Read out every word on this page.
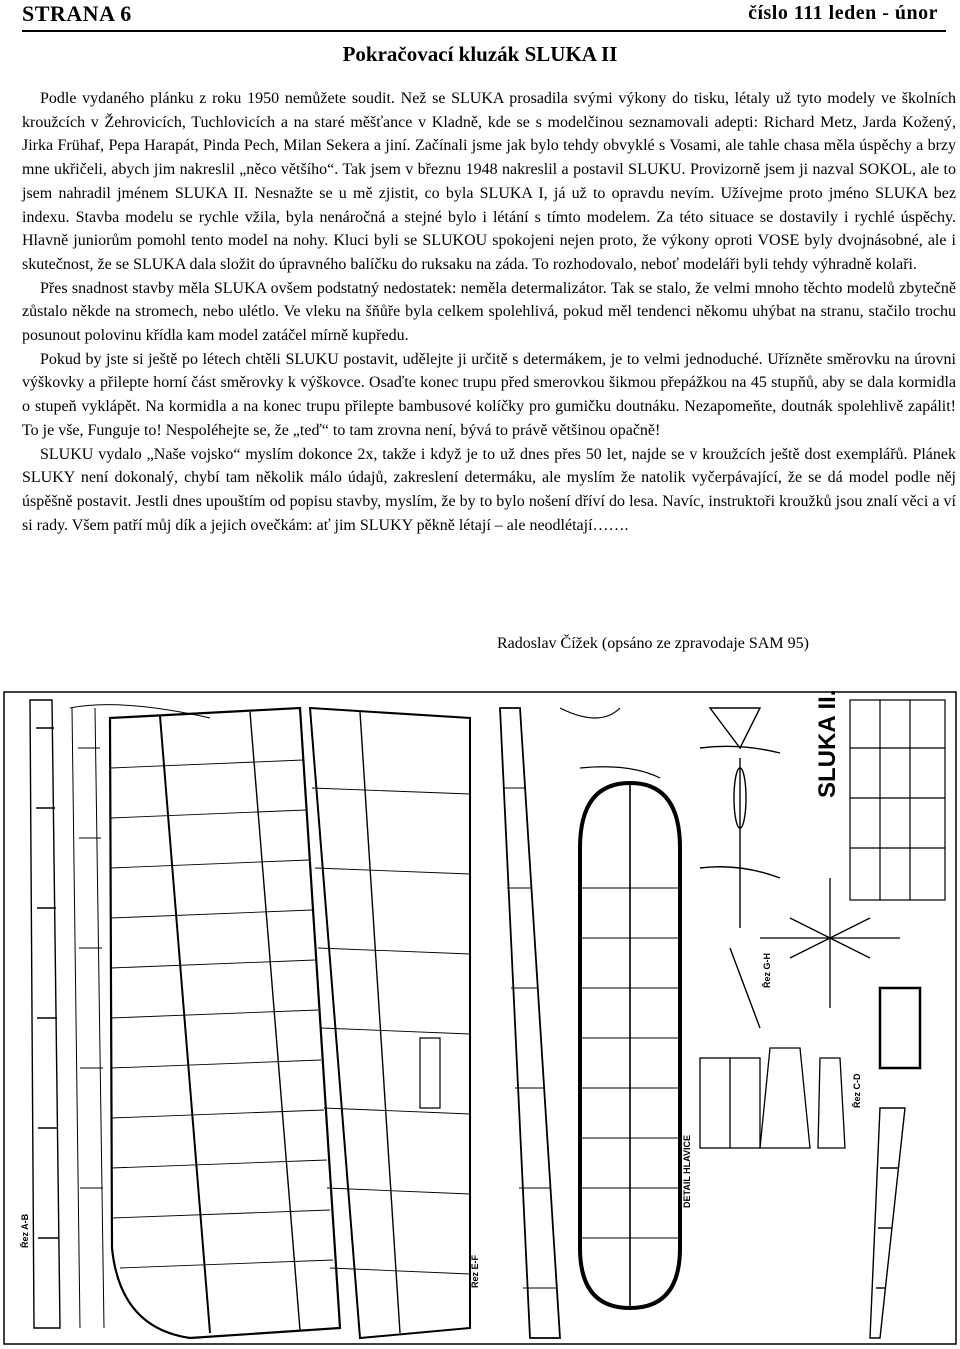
STRANA 6	číslo 111 leden - únor
Pokračovací kluzák SLUKA II

Podle vydaného plánku z roku 1950 nemůžete soudit. Než se SLUKA prosadila svými výkony do tisku, létaly už tyto modely ve školních kroužcích v Žehrovicích, Tuchlovicích a na staré měšťance v Kladně, kde se s modelčinou seznamovali adepti: Richard Metz, Jarda Kožený, Jirka Frühaf, Pepa Harapát, Pinda Pech, Milan Sekera a jiní. Začínali jsme jak bylo tehdy obvyklé s Vosami, ale tahle chasa měla úspěchy a brzy mne ukřičeli, abych jim nakreslil „něco většího“. Tak jsem v březnu 1948 nakreslil a postavil SLUKU. Provizorně jsem ji nazval SOKOL, ale to jsem nahradil jménem SLUKA II. Nesnažte se u mě zjistit, co byla SLUKA I, já už to opravdu nevím. Užívejme proto jméno SLUKA bez indexu. Stavba modelu se rychle vžila, byla nenáročná a stejné bylo i létání s tímto modelem. Za této situace se dostavily i rychlé úspěchy. Hlavně juniorům pomohl tento model na nohy. Kluci byli se SLUKOU spokojeni nejen proto, že výkony oproti VOSE byly dvojnásobné, ale i skutečnost, že se SLUKA dala složit do úpravného balíčku do ruksaku na záda. To rozhodovalo, neboť modeláři byli tehdy výhradně kolaři.

Přes snadnost stavby měla SLUKA ovšem podstatný nedostatek: neměla determalizátor. Tak se stalo, že velmi mnoho těchto modelů zbytečně zůstalo někde na stromech, nebo ulétlo. Ve vleku na šňůře byla celkem spolehlivá, pokud měl tendenci někomu uhýbat na stranu, stačilo trochu posunout polovinu křídla kam model zatáčel mírně kupředu.

Pokud by jste si ještě po létech chtěli SLUKU postavit, udělejte ji určitě s determákem, je to velmi jednoduché. Uřízněte směrovku na úrovni výškovky a přilepte horní část směrovky k výškovce. Osaďte konec trupu před smerovkou šikmou přepážkou na 45 stupňů, aby se dala kormidla o stupeň vyklápět. Na kormidla a na konec trupu přilepte bambusové kolíčky pro gumičku doutnáku. Nezapomeňte, doutnák spolehlivě zapálit! To je vše, Funguje to! Nespoléhejte se, že „teď“ to tam zrovna není, bývá to právě většinou opačně!

SLUKU vydalo „Naše vojsko“ myslím dokonce 2x, takže i když je to už dnes přes 50 let, najde se v kroužcích ještě dost exemplářů. Plánek SLUKY není dokonalý, chybí tam několik málo údajů, zakreslení determáku, ale myslím že natolik vyčerpávající, že se dá model podle něj úspěšně postavit. Jestli dnes upouštím od popisu stavby, myslím, že by to bylo nošení dříví do lesa. Navíc, instruktoři kroužků jsou znalí věci a ví si rady. Všem patří můj dík a jejich ovečkám: ať jim SLUKY pěkně létají – ale neodlétají…….

Radoslav Čížek (opsáno ze zpravodaje SAM 95)
Řez A-B
Řez E-F
SLUKA II.
Řez G-H
DETAIL HLAVICE
Řez C-D
